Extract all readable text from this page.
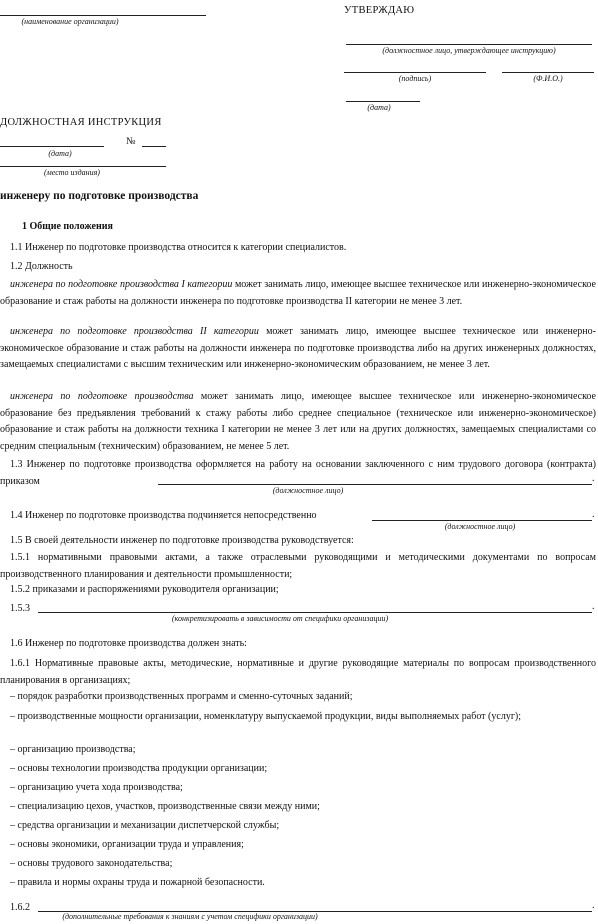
(наименование организации)
УТВЕРЖДАЮ
(должностное лицо, утверждающее инструкцию)
(подпись)	(Ф.И.О.)
(дата)
ДОЛЖНОСТНАЯ ИНСТРУКЦИЯ
№
(дата)
(место издания)
инженеру по подготовке производства
1 Общие положения
1.1 Инженер по подготовке производства относится к категории специалистов.
1.2 Должность
инженера по подготовке производства I категории может занимать лицо, имеющее высшее техническое или инженерно-экономическое образование и стаж работы на должности инженера по подготовке производства II категории не менее 3 лет.
инженера по подготовке производства II категории может занимать лицо, имеющее высшее техническое или инженерно-экономическое образование и стаж работы на должности инженера по подготовке производства либо на других инженерных должностях, замещаемых специалистами с высшим техническим или инженерно-экономическим образованием, не менее 3 лет.
инженера по подготовке производства может занимать лицо, имеющее высшее техническое или инженерно-экономическое образование без предъявления требований к стажу работы либо среднее специальное (техническое или инженерно-экономическое) образование и стаж работы на должности техника I категории не менее 3 лет или на других должностях, замещаемых специалистами со средним специальным (техническим) образованием, не менее 5 лет.
1.3 Инженер по подготовке производства оформляется на работу на основании заключенного с ним трудового договора (контракта) приказом	.
(должностное лицо)
1.4 Инженер по подготовке производства подчиняется непосредственно	.
(должностное лицо)
1.5 В своей деятельности инженер по подготовке производства руководствуется:
1.5.1 нормативными правовыми актами, а также отраслевыми руководящими и методическими документами по вопросам производственного планирования и деятельности промышленности;
1.5.2 приказами и распоряжениями руководителя организации;
1.5.3	.
(конкретизировать в зависимости от специфики организации)
1.6 Инженер по подготовке производства должен знать:
1.6.1 Нормативные правовые акты, методические, нормативные и другие руководящие материалы по вопросам производственного планирования в организациях;
– порядок разработки производственных программ и сменно-суточных заданий;
– производственные мощности организации, номенклатуру выпускаемой продукции, виды выполняемых работ (услуг);
– организацию производства;
– основы технологии производства продукции организации;
– организацию учета хода производства;
– специализацию цехов, участков, производственные связи между ними;
– средства организации и механизации диспетчерской службы;
– основы экономики, организации труда и управления;
– основы трудового законодательства;
– правила и нормы охраны труда и пожарной безопасности.
1.6.2	.
(дополнительные требования к знаниям с учетом специфики организации)
